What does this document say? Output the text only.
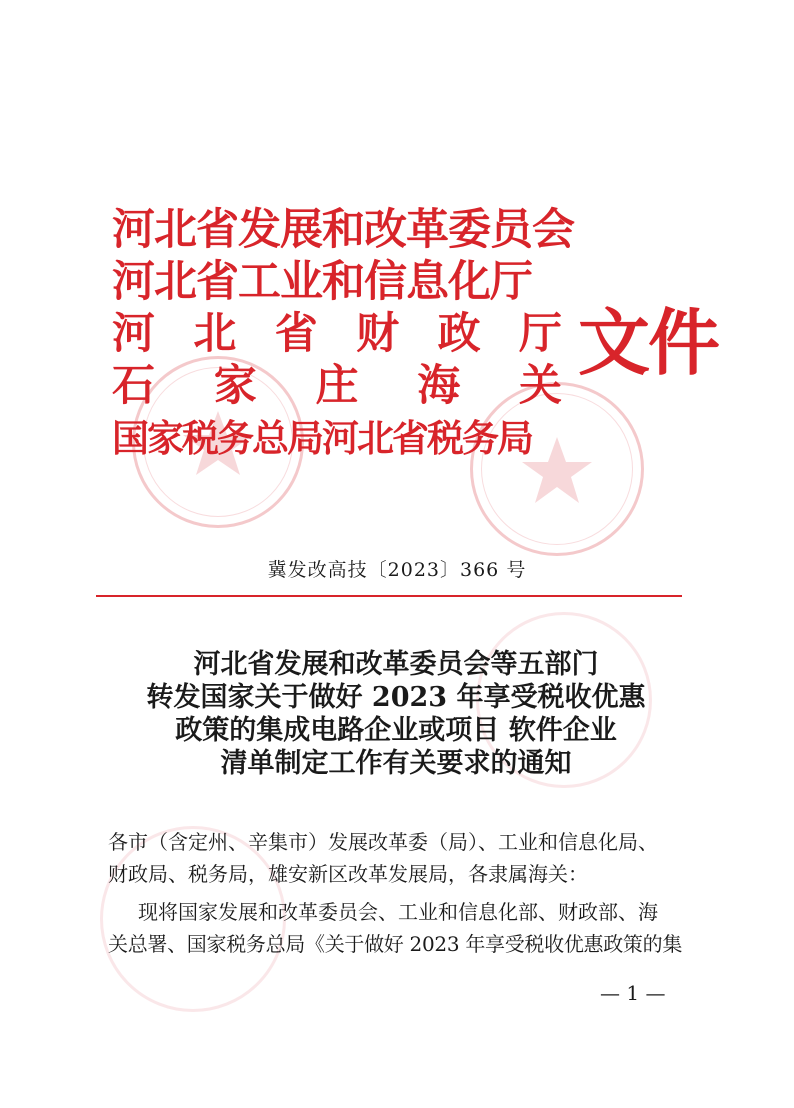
河北省发展和改革委员会
河北省工业和信息化厅
河 北 省 财 政 厅
石 家 庄 海 关
国家税务总局河北省税务局
文件
冀发改高技〔2023〕366 号
河北省发展和改革委员会等五部门
转发国家关于做好 2023 年享受税收优惠
政策的集成电路企业或项目 软件企业
清单制定工作有关要求的通知

各市（含定州、辛集市）发展改革委（局）、工业和信息化局、

财政局、税务局，雄安新区改革发展局，各隶属海关：

现将国家发展和改革委员会、工业和信息化部、财政部、海

关总署、国家税务总局《关于做好 2023 年享受税收优惠政策的集

— 1 —
